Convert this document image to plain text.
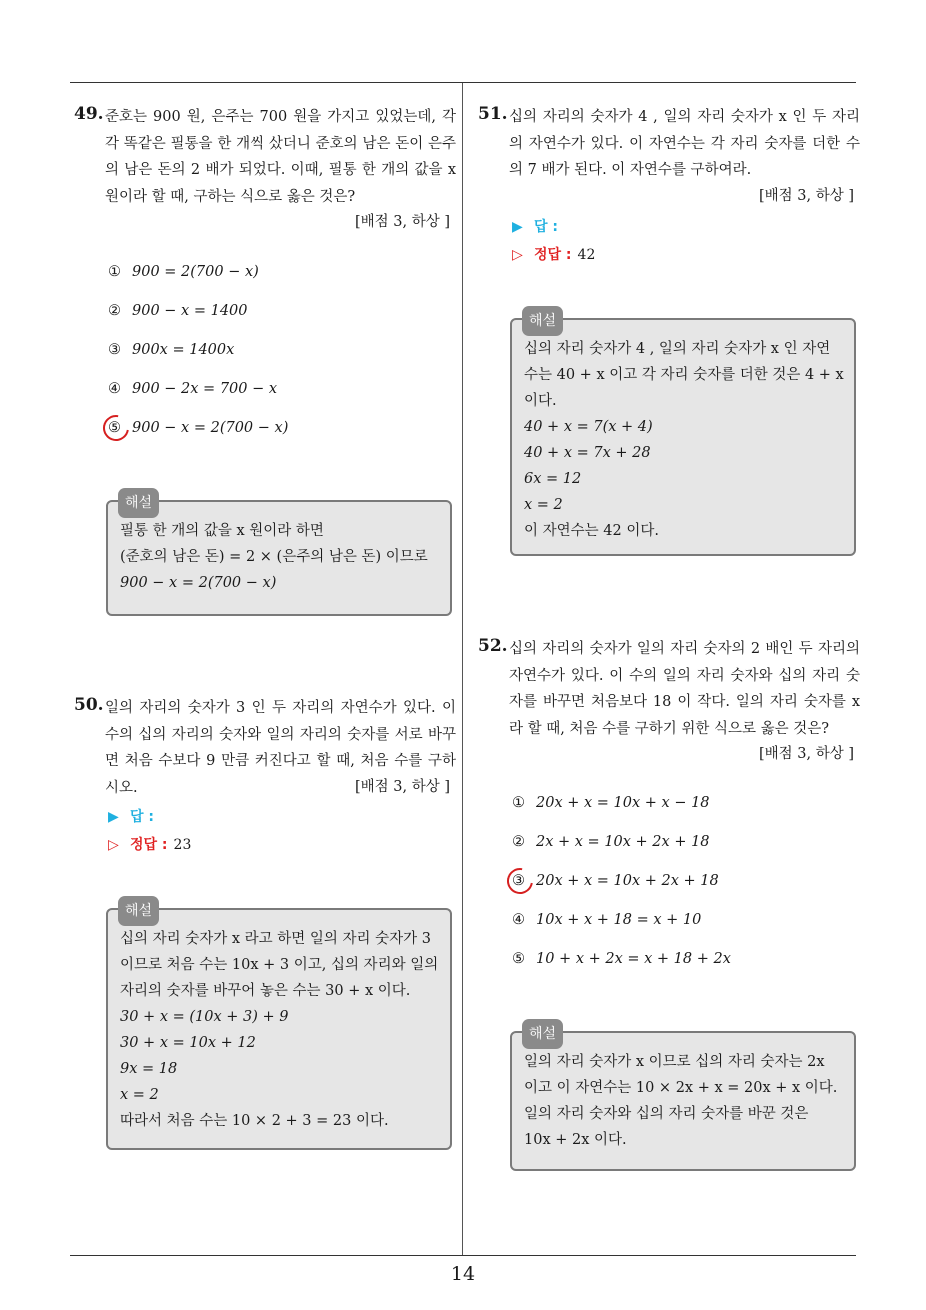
14
49. 준호는 900 원, 은주는 700 원을 가지고 있었는데, 각각 똑같은 필통을 한 개씩 샀더니 준호의 남은 돈이 은주의 남은 돈의 2 배가 되었다. 이때, 필통 한 개의 값을 x 원이라 할 때, 구하는 식으로 옳은 것은?
[배점 3, 하상 ]
① 900 = 2(700 − x)
② 900 − x = 1400
③ 900x = 1400x
④ 900 − 2x = 700 − x
⑤ 900 − x = 2(700 − x)
해설
필통 한 개의 값을 x 원이라 하면
(준호의 남은 돈) = 2 × (은주의 남은 돈) 이므로
900 − x = 2(700 − x)
50. 일의 자리의 숫자가 3 인 두 자리의 자연수가 있다. 이 수의 십의 자리의 숫자와 일의 자리의 숫자를 서로 바꾸면 처음 수보다 9 만큼 커진다고 할 때, 처음 수를 구하시오.	[배점 3, 하상 ]
▶ 답 :
▷ 정답 : 23
해설
십의 자리 숫자가 x 라고 하면 일의 자리 숫자가 3
이므로 처음 수는 10x + 3 이고, 십의 자리와 일의
자리의 숫자를 바꾸어 놓은 수는 30 + x 이다.
30 + x = (10x + 3) + 9
30 + x = 10x + 12
9x = 18
x = 2
따라서 처음 수는 10 × 2 + 3 = 23 이다.
51. 십의 자리의 숫자가 4 , 일의 자리 숫자가 x 인 두 자리의 자연수가 있다. 이 자연수는 각 자리 숫자를 더한 수의 7 배가 된다. 이 자연수를 구하여라.
[배점 3, 하상 ]
▶ 답 :
▷ 정답 : 42
해설
십의 자리 숫자가 4 , 일의 자리 숫자가 x 인 자연
수는 40 + x 이고 각 자리 숫자를 더한 것은 4 + x
이다.
40 + x = 7(x + 4)
40 + x = 7x + 28
6x = 12
x = 2
이 자연수는 42 이다.
52. 십의 자리의 숫자가 일의 자리 숫자의 2 배인 두 자리의 자연수가 있다. 이 수의 일의 자리 숫자와 십의 자리 숫자를 바꾸면 처음보다 18 이 작다. 일의 자리 숫자를 x 라 할 때, 처음 수를 구하기 위한 식으로 옳은 것은?
[배점 3, 하상 ]
① 20x + x = 10x + x − 18
② 2x + x = 10x + 2x + 18
③ 20x + x = 10x + 2x + 18
④ 10x + x + 18 = x + 10
⑤ 10 + x + 2x = x + 18 + 2x
해설
일의 자리 숫자가 x 이므로 십의 자리 숫자는 2x
이고 이 자연수는 10 × 2x + x = 20x + x 이다.
일의 자리 숫자와 십의 자리 숫자를 바꾼 것은
10x + 2x 이다.
